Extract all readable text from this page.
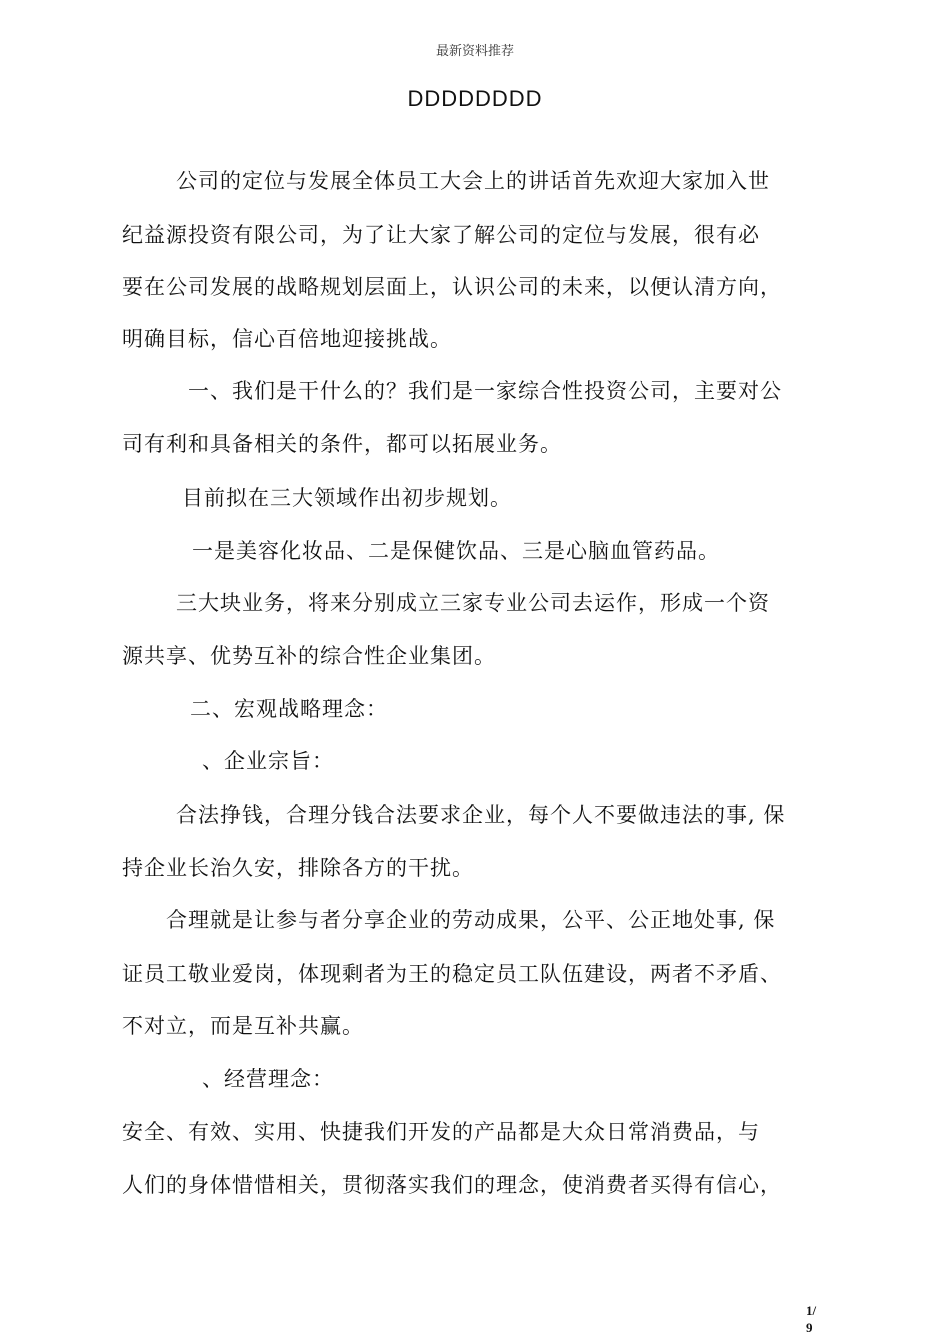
最新资料推荐
DDDDDDDD
公司的定位与发展全体员工大会上的讲话首先欢迎大家加入世
纪益源投资有限公司，为了让大家了解公司的定位与发展，很有必
要在公司发展的战略规划层面上，认识公司的未来，以便认清方向，
明确目标，信心百倍地迎接挑战。
一、我们是干什么的？我们是一家综合性投资公司，主要对公
司有利和具备相关的条件，都可以拓展业务。
目前拟在三大领域作出初步规划。
一是美容化妆品、二是保健饮品、三是心脑血管药品。
三大块业务，将来分别成立三家专业公司去运作，形成一个资
源共享、优势互补的综合性企业集团。
二、宏观战略理念：
、企业宗旨：
合法挣钱，合理分钱合法要求企业，每个人不要做违法的事, 保
持企业长治久安，排除各方的干扰。
合理就是让参与者分享企业的劳动成果，公平、公正地处事, 保
证员工敬业爱岗，体现剩者为王的稳定员工队伍建设，两者不矛盾、
不对立，而是互补共赢。
、经营理念：
安全、有效、实用、快捷我们开发的产品都是大众日常消费品，与
人们的身体惜惜相关，贯彻落实我们的理念，使消费者买得有信心，
1/
9
